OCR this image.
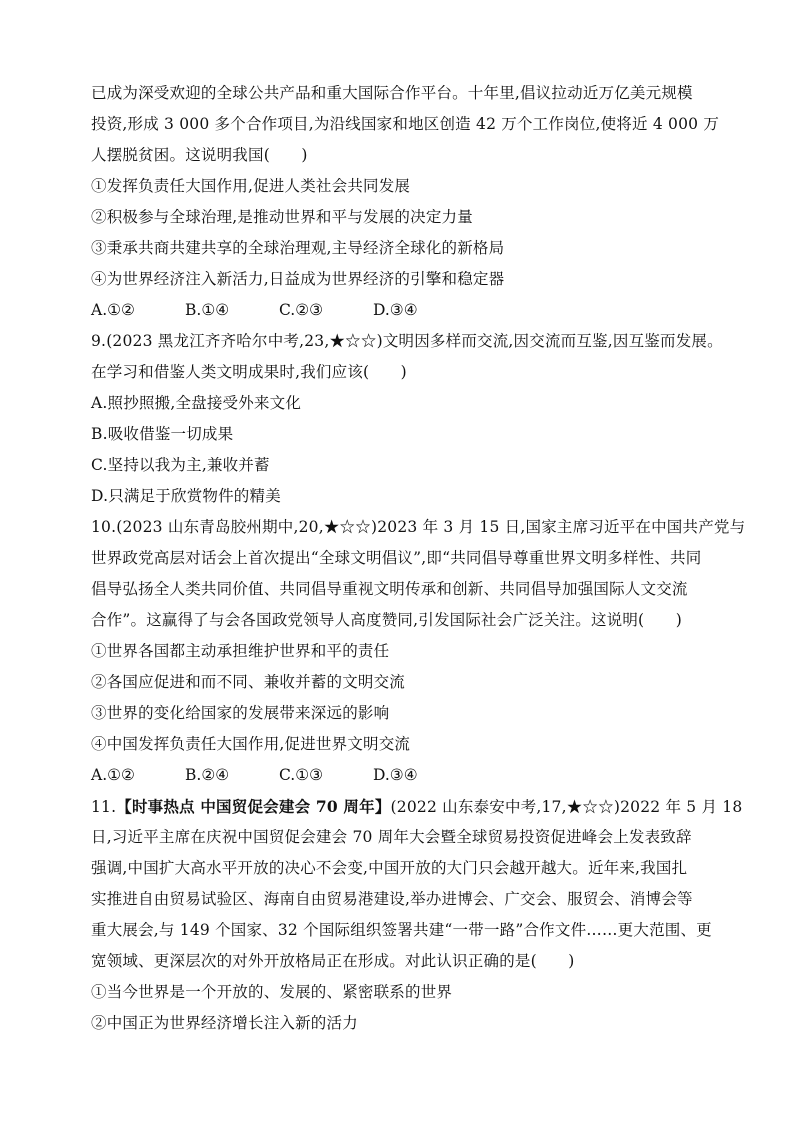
已成为深受欢迎的全球公共产品和重大国际合作平台。十年里,倡议拉动近万亿美元规模
投资,形成 3 000 多个合作项目,为沿线国家和地区创造 42 万个工作岗位,使将近 4 000 万
人摆脱贫困。这说明我国(　　)
①发挥负责任大国作用,促进人类社会共同发展
②积极参与全球治理,是推动世界和平与发展的决定力量
③秉承共商共建共享的全球治理观,主导经济全球化的新格局
④为世界经济注入新活力,日益成为世界经济的引擎和稳定器
A.①②	B.①④	C.②③	D.③④
9.(2023 黑龙江齐齐哈尔中考,23,★☆☆)文明因多样而交流,因交流而互鉴,因互鉴而发展。
在学习和借鉴人类文明成果时,我们应该(　　)
A.照抄照搬,全盘接受外来文化
B.吸收借鉴一切成果
C.坚持以我为主,兼收并蓄
D.只满足于欣赏物件的精美
10.(2023 山东青岛胶州期中,20,★☆☆)2023 年 3 月 15 日,国家主席习近平在中国共产党与
世界政党高层对话会上首次提出“全球文明倡议”,即“共同倡导尊重世界文明多样性、共同
倡导弘扬全人类共同价值、共同倡导重视文明传承和创新、共同倡导加强国际人文交流
合作”。这赢得了与会各国政党领导人高度赞同,引发国际社会广泛关注。这说明(　　)
①世界各国都主动承担维护世界和平的责任
②各国应促进和而不同、兼收并蓄的文明交流
③世界的变化给国家的发展带来深远的影响
④中国发挥负责任大国作用,促进世界文明交流
A.①②	B.②④	C.①③	D.③④
11.【时事热点 中国贸促会建会 70 周年】(2022 山东泰安中考,17,★☆☆)2022 年 5 月 18
日,习近平主席在庆祝中国贸促会建会 70 周年大会暨全球贸易投资促进峰会上发表致辞
强调,中国扩大高水平开放的决心不会变,中国开放的大门只会越开越大。近年来,我国扎
实推进自由贸易试验区、海南自由贸易港建设,举办进博会、广交会、服贸会、消博会等
重大展会,与 149 个国家、32 个国际组织签署共建“一带一路”合作文件……更大范围、更
宽领域、更深层次的对外开放格局正在形成。对此认识正确的是(　　)
①当今世界是一个开放的、发展的、紧密联系的世界
②中国正为世界经济增长注入新的活力
